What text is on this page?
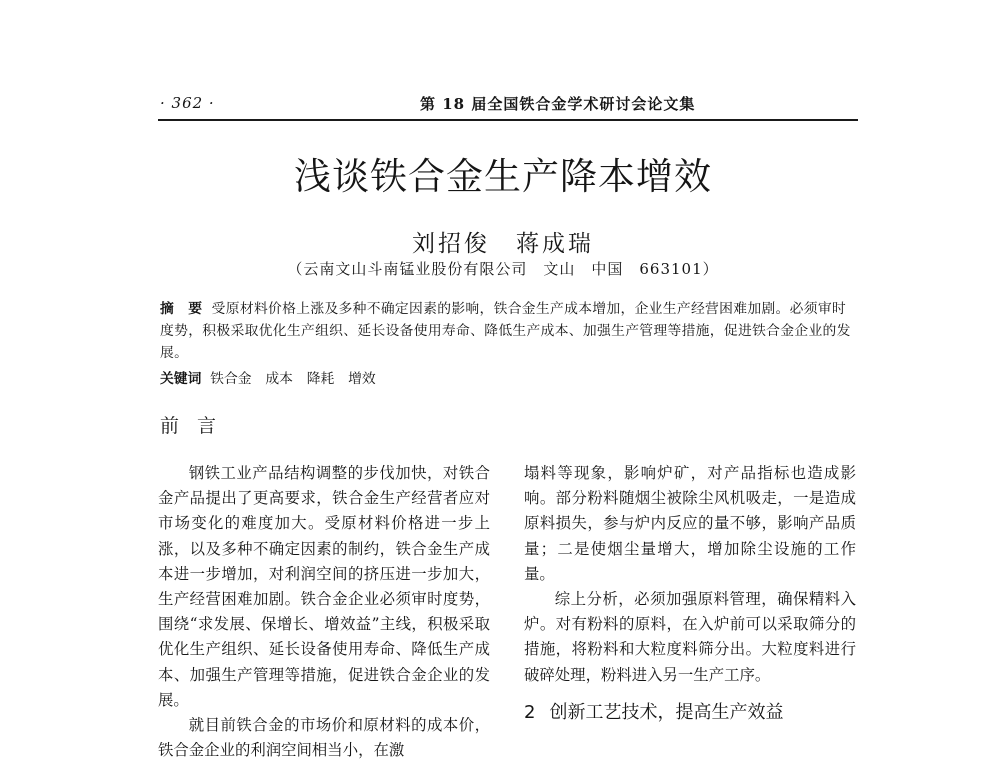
· 362 ·	第 18 届全国铁合金学术研讨会论文集
浅谈铁合金生产降本增效
刘招俊　蒋成瑞
（云南文山斗南锰业股份有限公司　文山　中国　663101）
摘　要 受原材料价格上涨及多种不确定因素的影响，铁合金生产成本增加，企业生产经营困难加剧。必须审时度势，积极采取优化生产组织、延长设备使用寿命、降低生产成本、加强生产管理等措施，促进铁合金企业的发展。
关键词 铁合金　成本　降耗　增效
前 言

钢铁工业产品结构调整的步伐加快，对铁合金产品提出了更高要求，铁合金生产经营者应对市场变化的难度加大。受原材料价格进一步上涨，以及多种不确定因素的制约，铁合金生产成本进一步增加，对利润空间的挤压进一步加大，生产经营困难加剧。铁合金企业必须审时度势，围绕“求发展、保增长、增效益”主线，积极采取优化生产组织、延长设备使用寿命、降低生产成本、加强生产管理等措施，促进铁合金企业的发展。

就目前铁合金的市场价和原材料的成本价，铁合金企业的利润空间相当小，在激

塌料等现象，影响炉矿，对产品指标也造成影响。部分粉料随烟尘被除尘风机吸走，一是造成原料损失，参与炉内反应的量不够，影响产品质量；二是使烟尘量增大，增加除尘设施的工作量。

综上分析，必须加强原料管理，确保精料入炉。对有粉料的原料，在入炉前可以采取筛分的措施，将粉料和大粒度料筛分出。大粒度料进行破碎处理，粉料进入另一生产工序。

2 创新工艺技术，提高生产效益
